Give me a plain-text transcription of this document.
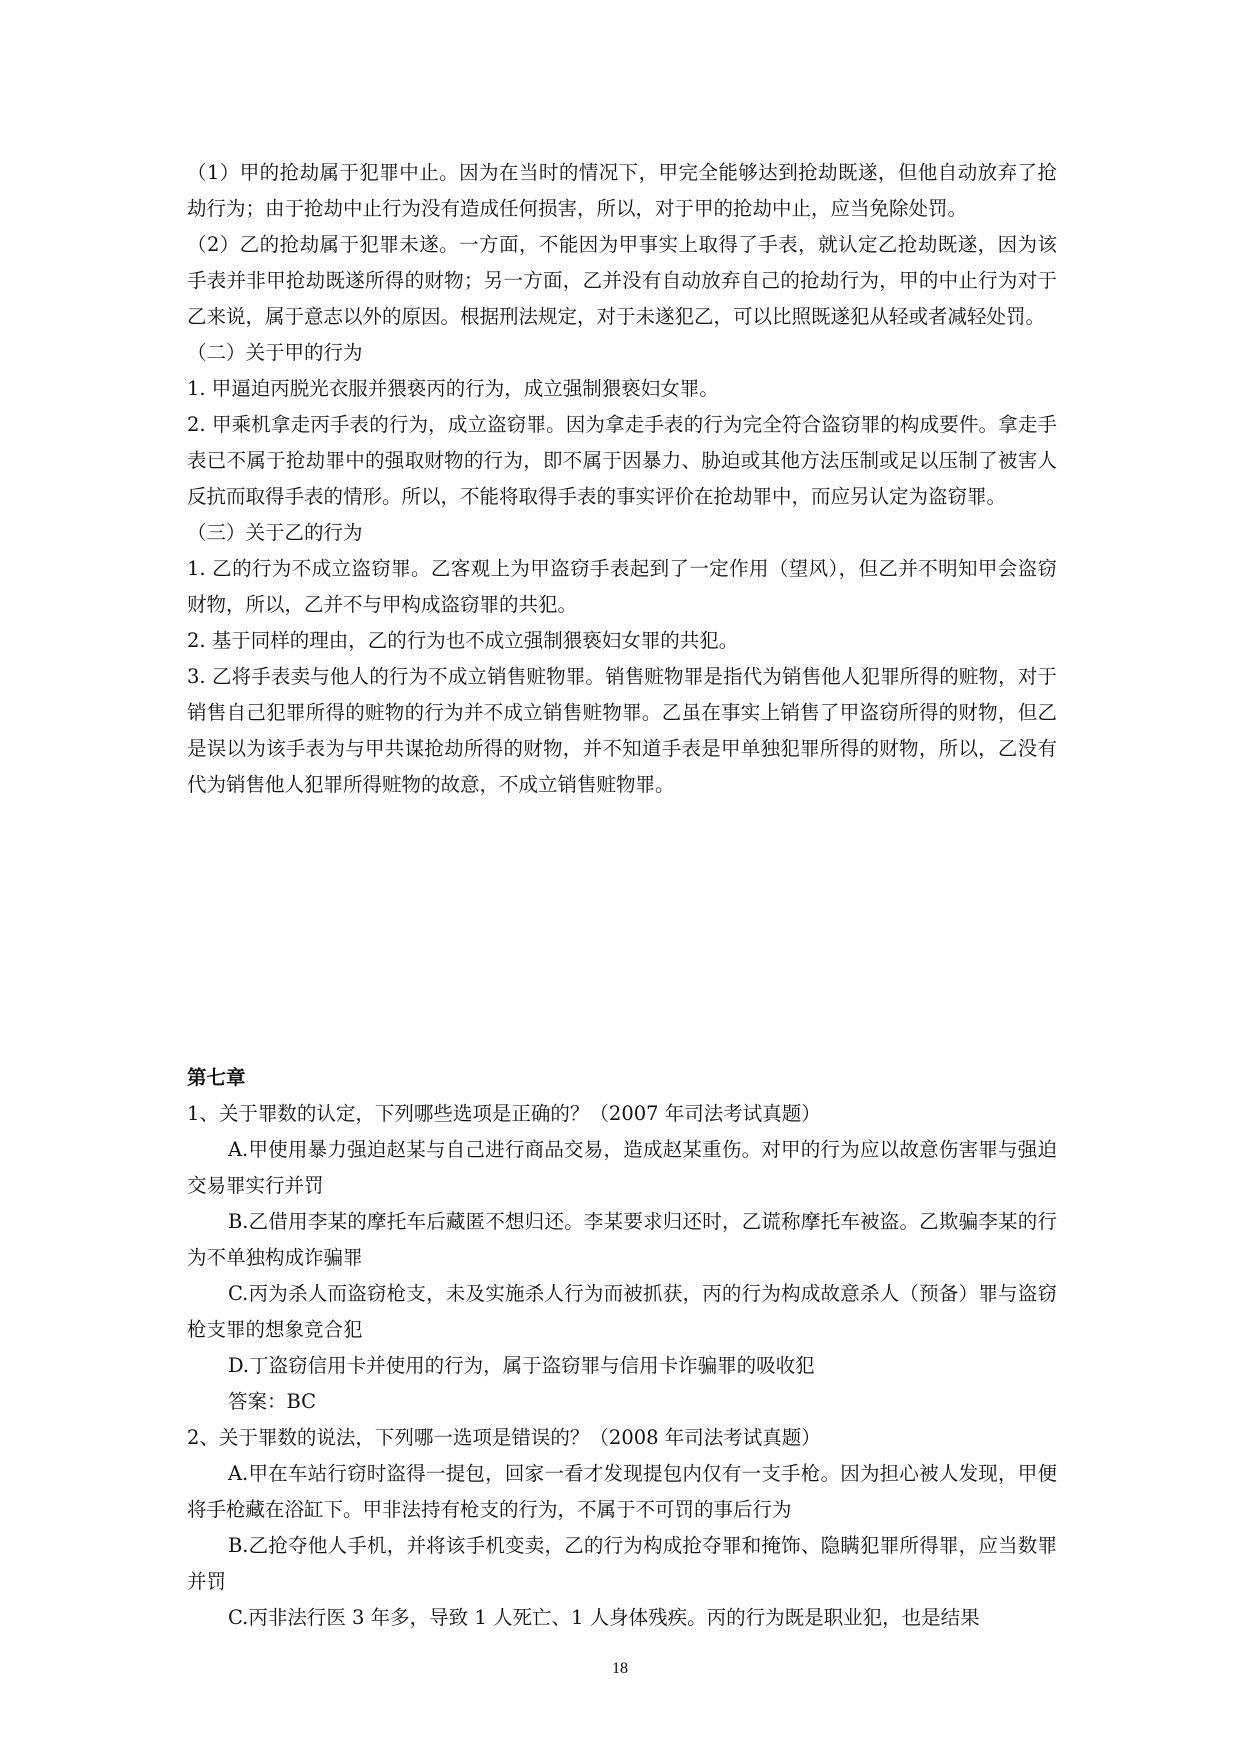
（1）甲的抢劫属于犯罪中止。因为在当时的情况下，甲完全能够达到抢劫既遂，但他自动放弃了抢劫行为；由于抢劫中止行为没有造成任何损害，所以，对于甲的抢劫中止，应当免除处罚。

（2）乙的抢劫属于犯罪未遂。一方面，不能因为甲事实上取得了手表，就认定乙抢劫既遂，因为该手表并非甲抢劫既遂所得的财物；另一方面，乙并没有自动放弃自己的抢劫行为，甲的中止行为对于乙来说，属于意志以外的原因。根据刑法规定，对于未遂犯乙，可以比照既遂犯从轻或者减轻处罚。

（二）关于甲的行为

1. 甲逼迫丙脱光衣服并猥亵丙的行为，成立强制猥亵妇女罪。

2. 甲乘机拿走丙手表的行为，成立盗窃罪。因为拿走手表的行为完全符合盗窃罪的构成要件。拿走手表已不属于抢劫罪中的强取财物的行为，即不属于因暴力、胁迫或其他方法压制或足以压制了被害人反抗而取得手表的情形。所以，不能将取得手表的事实评价在抢劫罪中，而应另认定为盗窃罪。

（三）关于乙的行为

1. 乙的行为不成立盗窃罪。乙客观上为甲盗窃手表起到了一定作用（望风），但乙并不明知甲会盗窃财物，所以，乙并不与甲构成盗窃罪的共犯。

2. 基于同样的理由，乙的行为也不成立强制猥亵妇女罪的共犯。

3. 乙将手表卖与他人的行为不成立销售赃物罪。销售赃物罪是指代为销售他人犯罪所得的赃物，对于销售自己犯罪所得的赃物的行为并不成立销售赃物罪。乙虽在事实上销售了甲盗窃所得的财物，但乙是误以为该手表为与甲共谋抢劫所得的财物，并不知道手表是甲单独犯罪所得的财物，所以，乙没有代为销售他人犯罪所得赃物的故意，不成立销售赃物罪。

第七章

1、关于罪数的认定，下列哪些选项是正确的？（2007 年司法考试真题）

A.甲使用暴力强迫赵某与自己进行商品交易，造成赵某重伤。对甲的行为应以故意伤害罪与强迫交易罪实行并罚

B.乙借用李某的摩托车后藏匿不想归还。李某要求归还时，乙谎称摩托车被盗。乙欺骗李某的行为不单独构成诈骗罪

C.丙为杀人而盗窃枪支，未及实施杀人行为而被抓获，丙的行为构成故意杀人（预备）罪与盗窃枪支罪的想象竞合犯

D.丁盗窃信用卡并使用的行为，属于盗窃罪与信用卡诈骗罪的吸收犯

答案：BC

2、关于罪数的说法，下列哪一选项是错误的？（2008 年司法考试真题）

A.甲在车站行窃时盗得一提包，回家一看才发现提包内仅有一支手枪。因为担心被人发现，甲便将手枪藏在浴缸下。甲非法持有枪支的行为，不属于不可罚的事后行为

B.乙抢夺他人手机，并将该手机变卖，乙的行为构成抢夺罪和掩饰、隐瞒犯罪所得罪，应当数罪并罚

C.丙非法行医 3 年多，导致 1 人死亡、1 人身体残疾。丙的行为既是职业犯，也是结果

18
